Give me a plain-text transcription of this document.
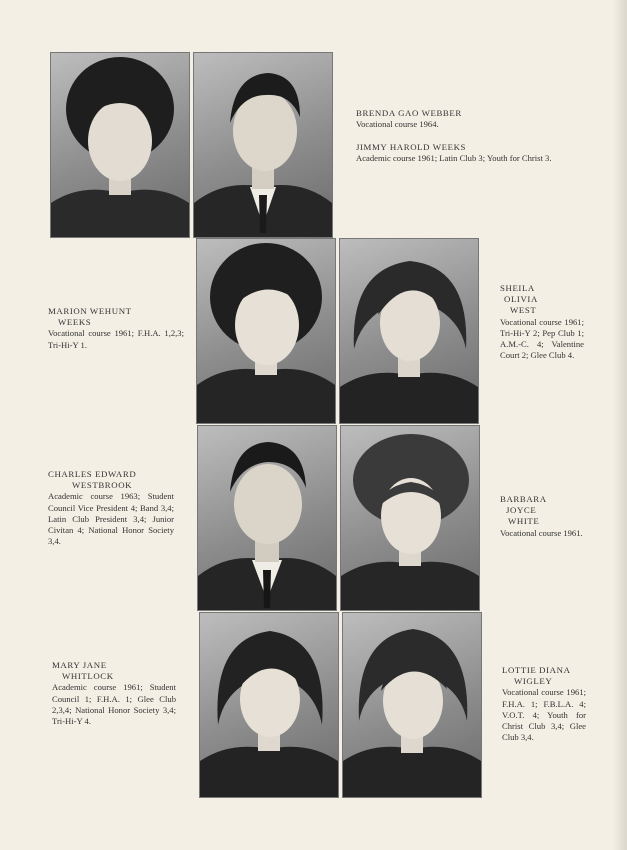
BRENDA GAO WEBBER
Vocational course 1964.
JIMMY HAROLD WEEKS
Academic course 1961; Latin Club 3; Youth for Christ 3.
MARION WEHUNT
WEEKS
Vocational course 1961; F.H.A. 1,2,3; Tri-Hi-Y 1.
SHEILA
OLIVIA
WEST
Vocational course 1961; Tri-Hi-Y 2; Pep Club 1; A.M.-C. 4; Valentine Court 2; Glee Club 4.
CHARLES EDWARD
WESTBROOK
Academic course 1963; Student Council Vice President 4; Band 3,4; Latin Club President 3,4; Junior Civitan 4; National Honor Society 3,4.
BARBARA
JOYCE
WHITE
Vocational course 1961.
MARY JANE
WHITLOCK
Academic course 1961; Student Council 1; F.H.A. 1; Glee Club 2,3,4; National Honor Society 3,4; Tri-Hi-Y 4.
LOTTIE DIANA
WIGLEY
Vocational course 1961; F.H.A. 1; F.B.L.A. 4; V.O.T. 4; Youth for Christ Club 3,4; Glee Club 3,4.
